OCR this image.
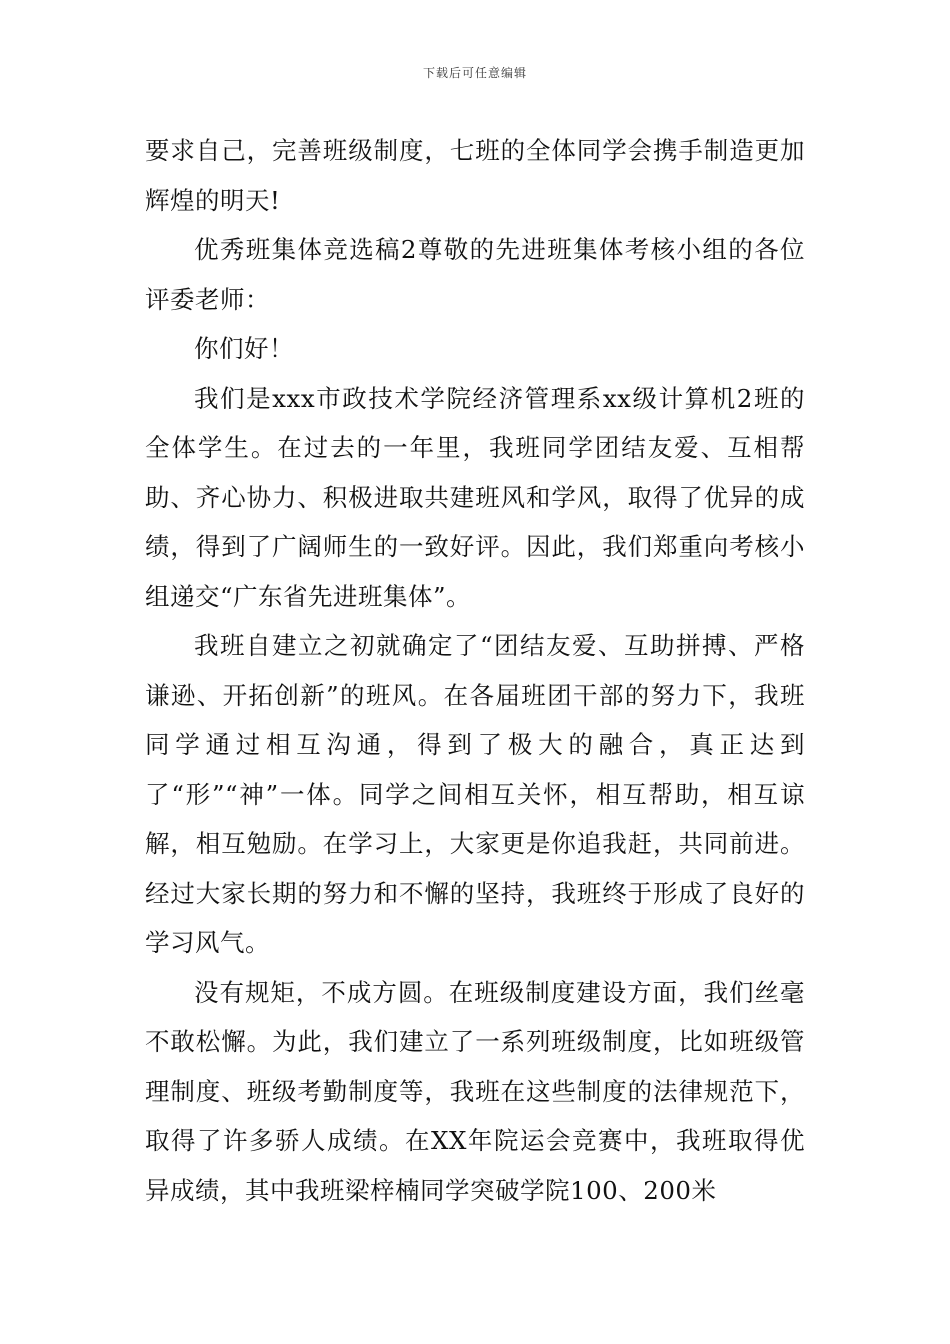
下载后可任意编辑

要求自己，完善班级制度，七班的全体同学会携手制造更加辉煌的明天!

优秀班集体竞选稿2尊敬的先进班集体考核小组的各位评委老师：

你们好！

我们是xxx市政技术学院经济管理系xx级计算机2班的全体学生。在过去的一年里，我班同学团结友爱、互相帮助、齐心协力、积极进取共建班风和学风，取得了优异的成绩，得到了广阔师生的一致好评。因此，我们郑重向考核小组递交“广东省先进班集体”。

我班自建立之初就确定了“团结友爱、互助拼搏、严格谦逊、开拓创新”的班风。在各届班团干部的努力下，我班同学通过相互沟通，得到了极大的融合，真正达到了“形”“神”一体。同学之间相互关怀，相互帮助，相互谅解，相互勉励。在学习上，大家更是你追我赶，共同前进。经过大家长期的努力和不懈的坚持，我班终于形成了良好的学习风气。

没有规矩，不成方圆。在班级制度建设方面，我们丝毫不敢松懈。为此，我们建立了一系列班级制度，比如班级管理制度、班级考勤制度等，我班在这些制度的法律规范下，取得了许多骄人成绩。在XX年院运会竞赛中，我班取得优异成绩，其中我班梁梓楠同学突破学院100、200米
